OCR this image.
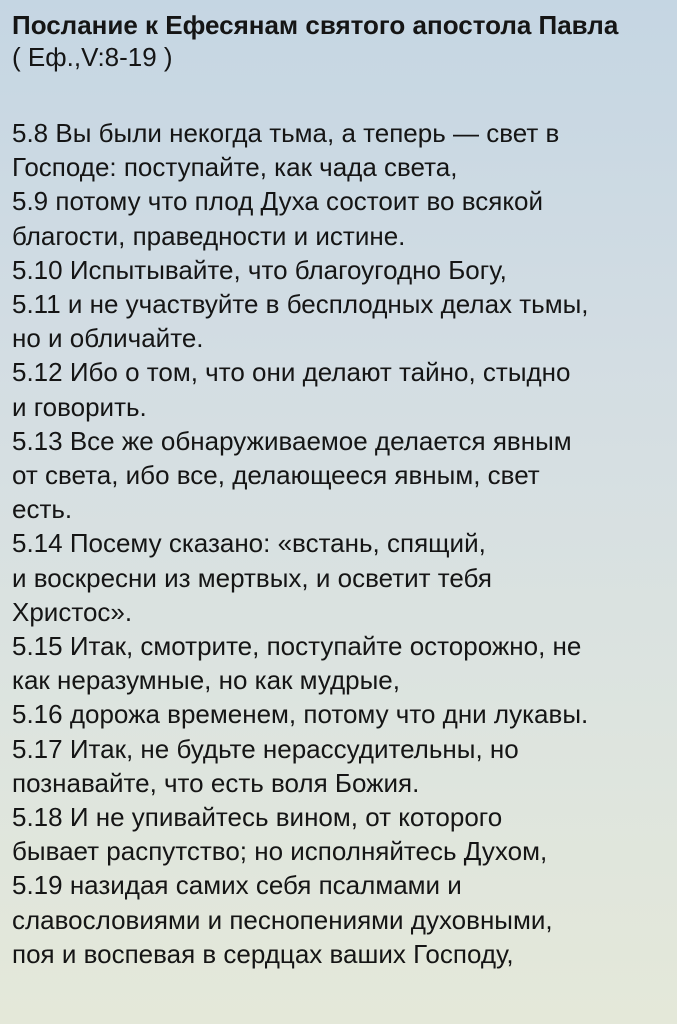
Послание к Ефесянам святого апостола Павла
( Еф.,V:8-19 )
5.8 Вы были некогда тьма, а теперь — свет в
Господе: поступайте, как чада света,
5.9 потому что плод Духа состоит во всякой
благости, праведности и истине.
5.10 Испытывайте, что благоугодно Богу,
5.11 и не участвуйте в бесплодных делах тьмы,
но и обличайте.
5.12 Ибо о том, что они делают тайно, стыдно
и говорить.
5.13 Все же обнаруживаемое делается явным
от света, ибо все, делающееся явным, свет
есть.
5.14 Посему сказано: «встань, спящий,
и воскресни из мертвых, и осветит тебя
Христос».
5.15 Итак, смотрите, поступайте осторожно, не
как неразумные, но как мудрые,
5.16 дорожа временем, потому что дни лукавы.
5.17 Итак, не будьте нерассудительны, но
познавайте, что есть воля Божия.
5.18 И не упивайтесь вином, от которого
бывает распутство; но исполняйтесь Духом,
5.19 назидая самих себя псалмами и
славословиями и песнопениями духовными,
поя и воспевая в сердцах ваших Господу,
